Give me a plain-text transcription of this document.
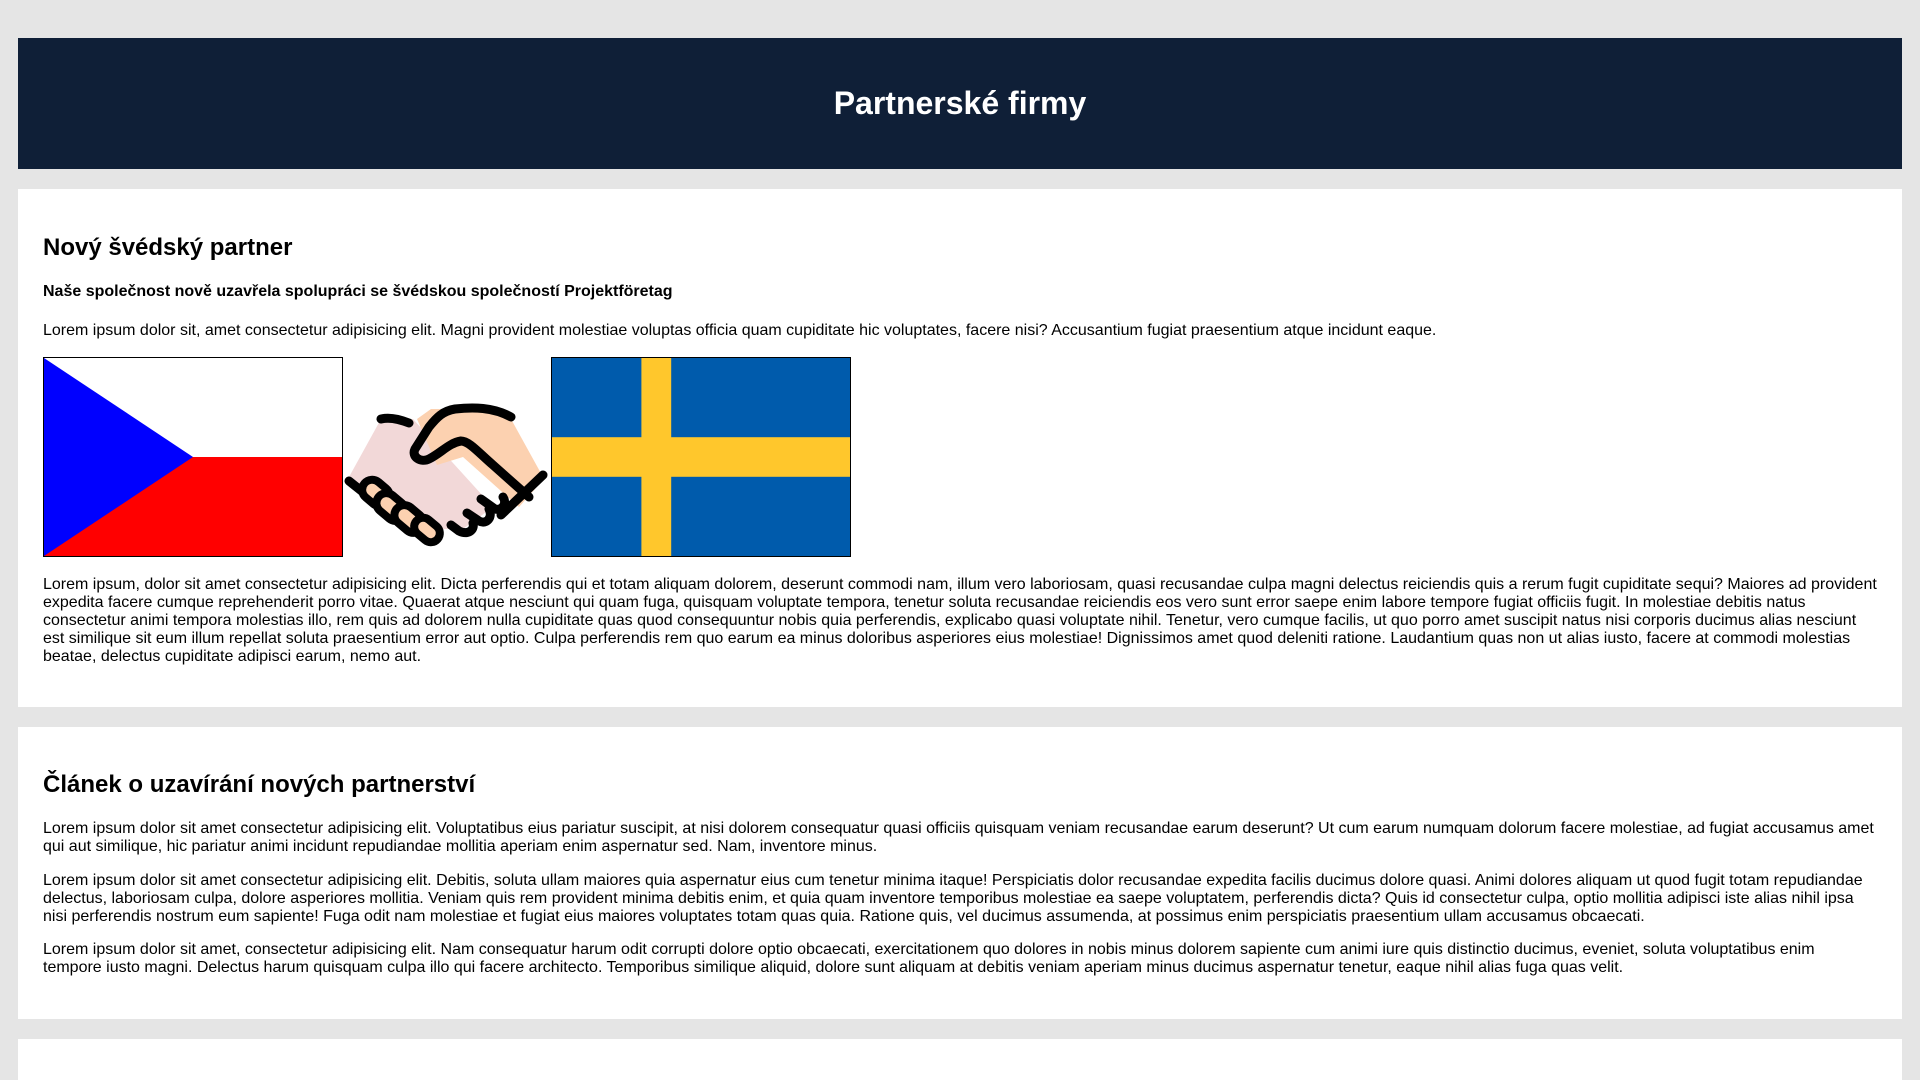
Partnerské firmy
Nový švédský partner

Naše společnost nově uzavřela spolupráci se švédskou společností Projektföretag

Lorem ipsum dolor sit, amet consectetur adipisicing elit. Magni provident molestiae voluptas officia quam cupiditate hic voluptates, facere nisi? Accusantium fugiat praesentium atque incidunt eaque.

Lorem ipsum, dolor sit amet consectetur adipisicing elit. Dicta perferendis qui et totam aliquam dolorem, deserunt commodi nam, illum vero laboriosam, quasi recusandae culpa magni delectus reiciendis quis a rerum fugit cupiditate sequi? Maiores ad provident expedita facere cumque reprehenderit porro vitae. Quaerat atque nesciunt qui quam fuga, quisquam voluptate tempora, tenetur soluta recusandae reiciendis eos vero sunt error saepe enim labore tempore fugiat officiis fugit. In molestiae debitis natus consectetur animi tempora molestias illo, rem quis ad dolorem nulla cupiditate quas quod consequuntur nobis quia perferendis, explicabo quasi voluptate nihil. Tenetur, vero cumque facilis, ut quo porro amet suscipit natus nisi corporis ducimus alias nesciunt est similique sit eum illum repellat soluta praesentium error aut optio. Culpa perferendis rem quo earum ea minus doloribus asperiores eius molestiae! Dignissimos amet quod deleniti ratione. Laudantium quas non ut alias iusto, facere at commodi molestias beatae, delectus cupiditate adipisci earum, nemo aut.

Článek o uzavírání nových partnerství

Lorem ipsum dolor sit amet consectetur adipisicing elit. Voluptatibus eius pariatur suscipit, at nisi dolorem consequatur quasi officiis quisquam veniam recusandae earum deserunt? Ut cum earum numquam dolorum facere molestiae, ad fugiat accusamus amet qui aut similique, hic pariatur animi incidunt repudiandae mollitia aperiam enim aspernatur sed. Nam, inventore minus.

Lorem ipsum dolor sit amet consectetur adipisicing elit. Debitis, soluta ullam maiores quia aspernatur eius cum tenetur minima itaque! Perspiciatis dolor recusandae expedita facilis ducimus dolore quasi. Animi dolores aliquam ut quod fugit totam repudiandae delectus, laboriosam culpa, dolore asperiores mollitia. Veniam quis rem provident minima debitis enim, et quia quam inventore temporibus molestiae ea saepe voluptatem, perferendis dicta? Quis id consectetur culpa, optio mollitia adipisci iste alias nihil ipsa nisi perferendis nostrum eum sapiente! Fuga odit nam molestiae et fugiat eius maiores voluptates totam quas quia. Ratione quis, vel ducimus assumenda, at possimus enim perspiciatis praesentium ullam accusamus obcaecati.

Lorem ipsum dolor sit amet, consectetur adipisicing elit. Nam consequatur harum odit corrupti dolore optio obcaecati, exercitationem quo dolores in nobis minus dolorem sapiente cum animi iure quis distinctio ducimus, eveniet, soluta voluptatibus enim tempore iusto magni. Delectus harum quisquam culpa illo qui facere architecto. Temporibus similique aliquid, dolore sunt aliquam at debitis veniam aperiam minus ducimus aspernatur tenetur, eaque nihil alias fuga quas velit.
